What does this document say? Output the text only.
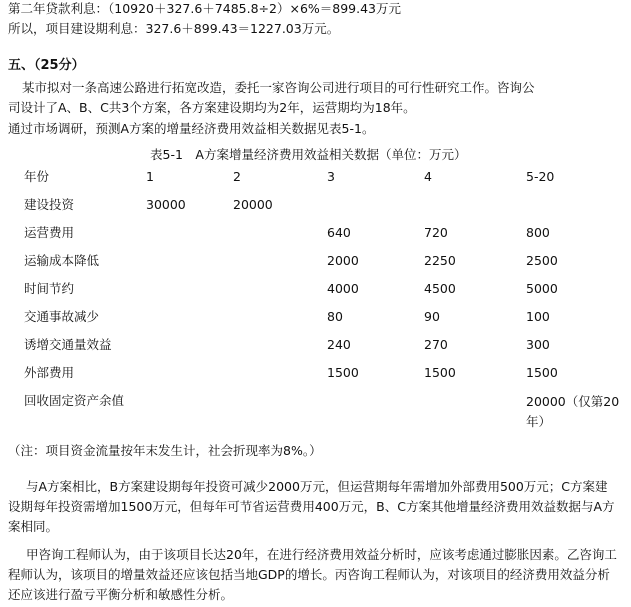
第二年贷款利息：（10920＋327.6＋7485.8÷2）×6%＝899.43万元
所以，项目建设期利息：327.6＋899.43＝1227.03万元。
五、（25分）
某市拟对一条高速公路进行拓宽改造，委托一家咨询公司进行项目的可行性研究工作。咨询公
司设计了A、B、C共3个方案，各方案建设期均为2年，运营期均为18年。
通过市场调研，预测A方案的增量经济费用效益相关数据见表5-1。
表5-1　A方案增量经济费用效益相关数据（单位：万元）
年份	1	2	3	4	5-20
建设投资	30000	20000			
运营费用			640	720	800
运输成本降低			2000	2250	2500
时间节约			4000	4500	5000
交通事故减少			80	90	100
诱增交通量效益			240	270	300
外部费用			1500	1500	1500
回收固定资产余值					20000（仅第20年）
（注：项目资金流量按年末发生计，社会折现率为8%。）
与A方案相比，B方案建设期每年投资可减少2000万元，但运营期每年需增加外部费用500万元；C方案建设期每年投资需增加1500万元，但每年可节省运营费用400万元，B、C方案其他增量经济费用效益数据与A方案相同。
甲咨询工程师认为，由于该项目长达20年，在进行经济费用效益分析时，应该考虑通过膨胀因素。乙咨询工程师认为，该项目的增量效益还应该包括当地GDP的增长。丙咨询工程师认为，对该项目的经济费用效益分析还应该进行盈亏平衡分析和敏感性分析。
